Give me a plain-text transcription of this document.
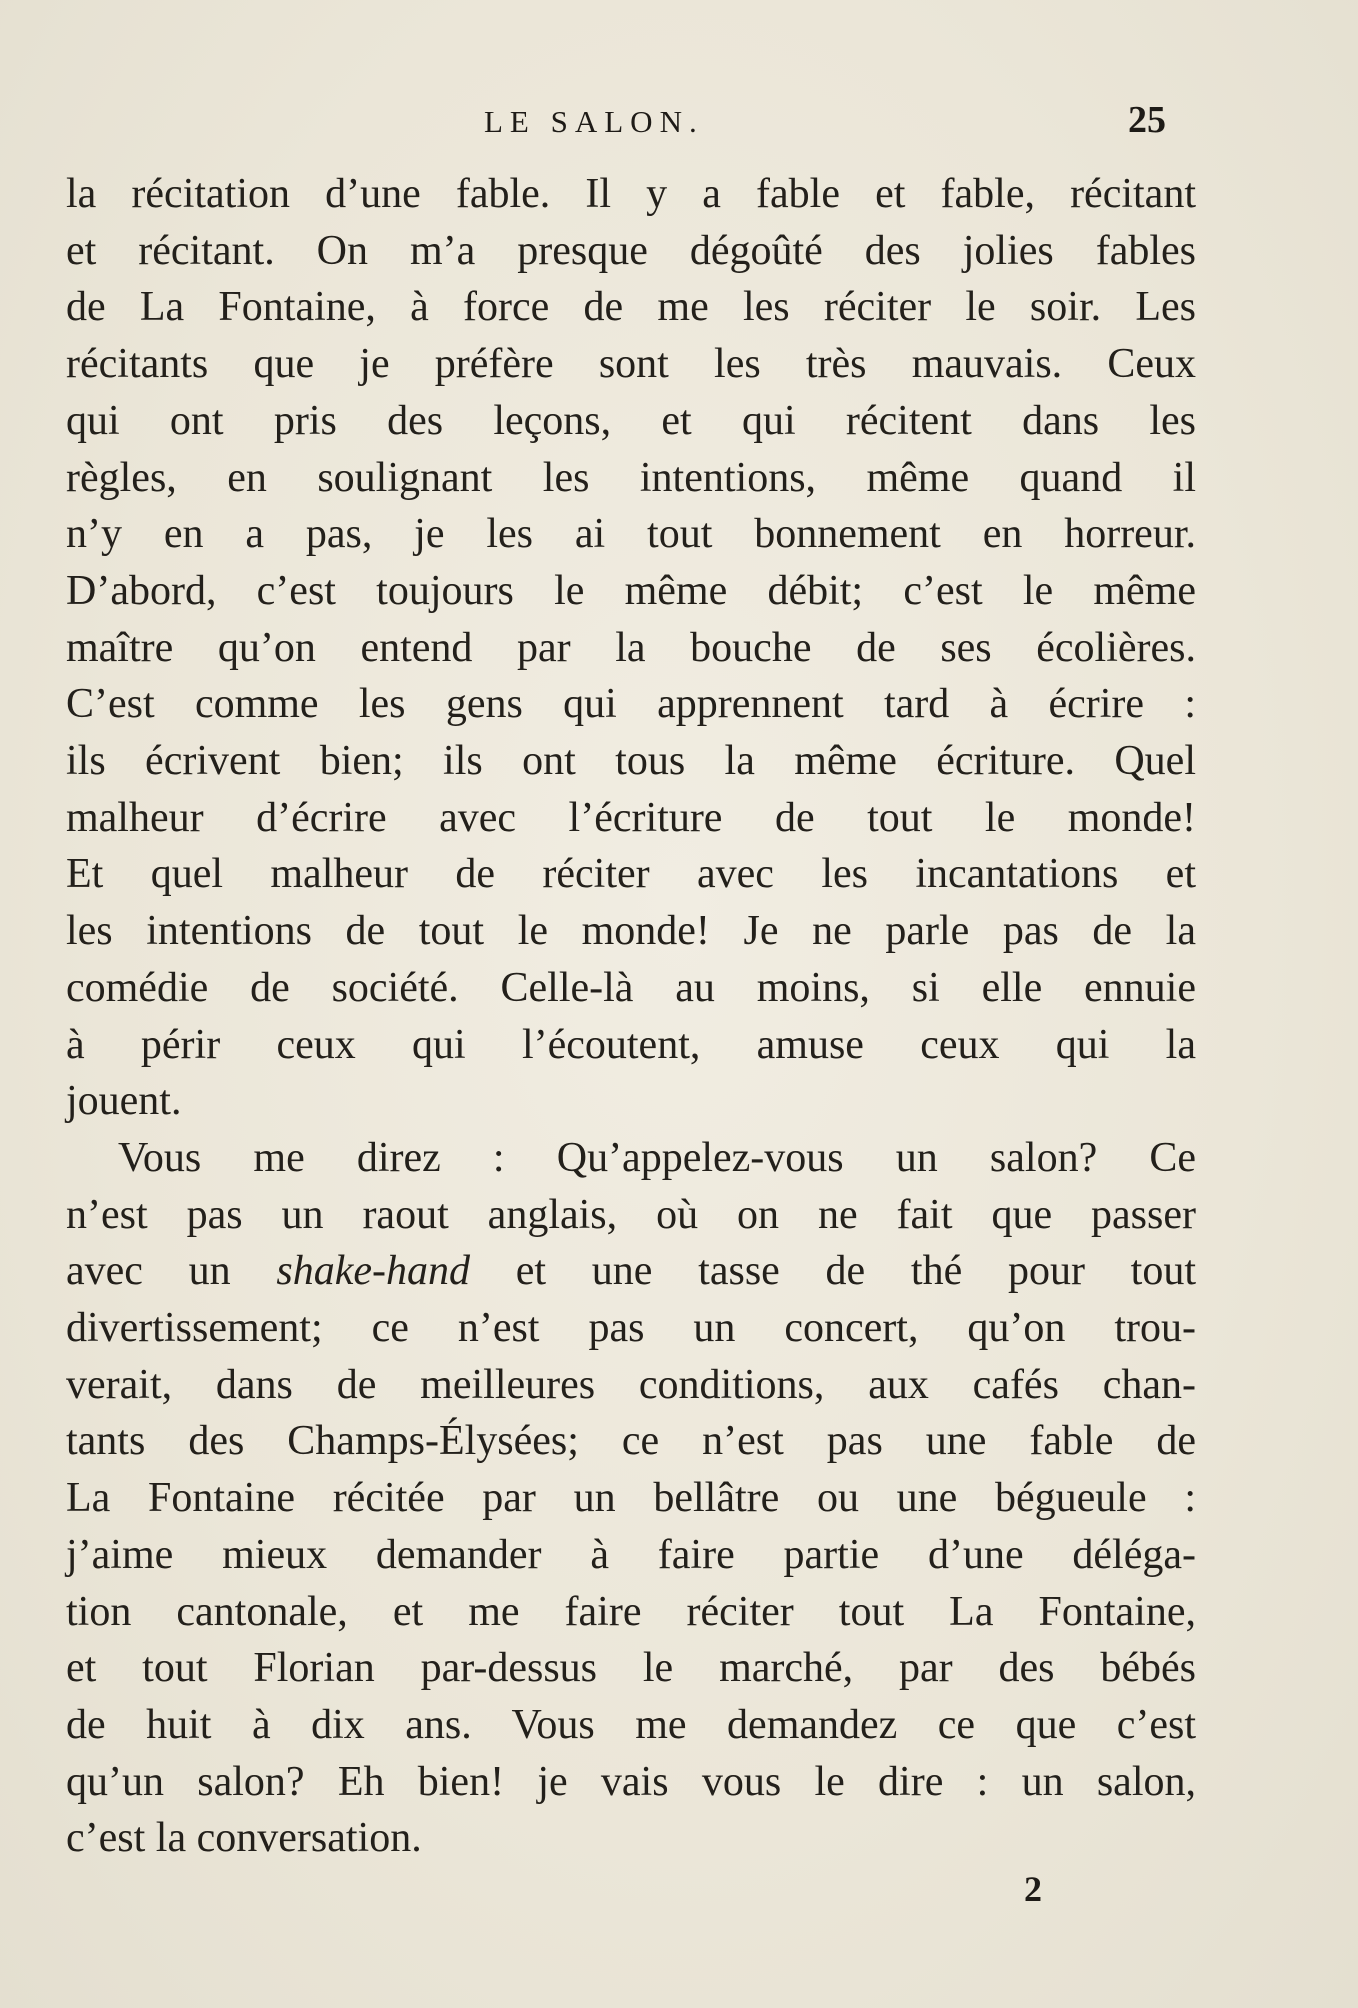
LE SALON.	25
la récitation d’une fable. Il y a fable et fable, récitant
et récitant. On m’a presque dégoûté des jolies fables
de La Fontaine, à force de me les réciter le soir. Les
récitants que je préfère sont les très mauvais. Ceux
qui ont pris des leçons, et qui récitent dans les
règles, en soulignant les intentions, même quand il
n’y en a pas, je les ai tout bonnement en horreur.
D’abord, c’est toujours le même débit; c’est le même
maître qu’on entend par la bouche de ses écolières.
C’est comme les gens qui apprennent tard à écrire :
ils écrivent bien; ils ont tous la même écriture. Quel
malheur d’écrire avec l’écriture de tout le monde!
Et quel malheur de réciter avec les incantations et
les intentions de tout le monde! Je ne parle pas de la
comédie de société. Celle-là au moins, si elle ennuie
à périr ceux qui l’écoutent, amuse ceux qui la
jouent.
Vous me direz : Qu’appelez-vous un salon? Ce
n’est pas un raout anglais, où on ne fait que passer
avec un shake-hand et une tasse de thé pour tout
divertissement; ce n’est pas un concert, qu’on trou-
verait, dans de meilleures conditions, aux cafés chan-
tants des Champs-Élysées; ce n’est pas une fable de
La Fontaine récitée par un bellâtre ou une bégueule :
j’aime mieux demander à faire partie d’une déléga-
tion cantonale, et me faire réciter tout La Fontaine,
et tout Florian par-dessus le marché, par des bébés
de huit à dix ans. Vous me demandez ce que c’est
qu’un salon? Eh bien! je vais vous le dire : un salon,
c’est la conversation.
2
